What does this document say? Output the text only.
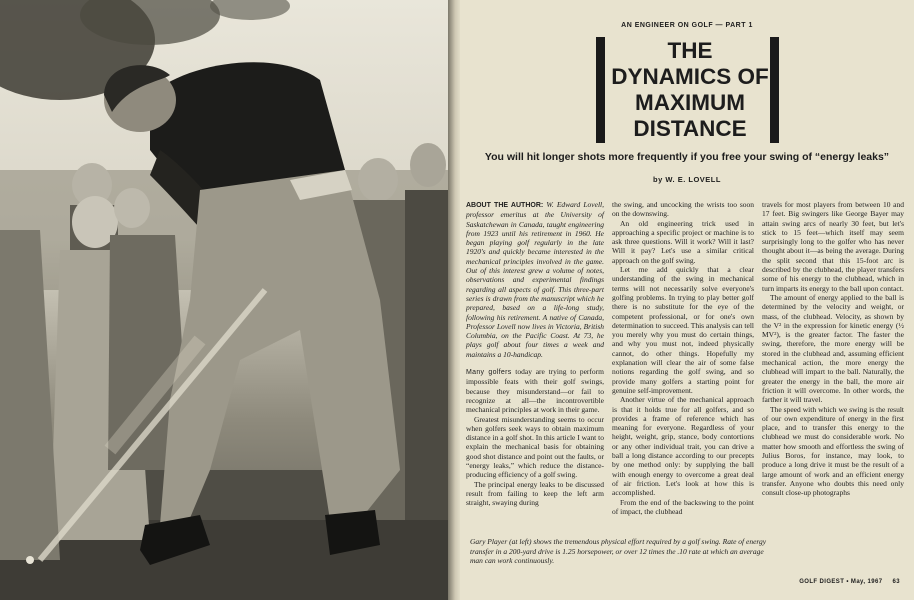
AN ENGINEER ON GOLF — PART 1
THE
DYNAMICS OF
MAXIMUM
DISTANCE
You will hit longer shots more frequently if you free your swing of “energy leaks”
by W. E. LOVELL

ABOUT THE AUTHOR: W. Edward Lovell, professor emeritus at the University of Saskatchewan in Canada, taught engineering from 1923 until his retirement in 1960. He began playing golf regularly in the late 1920's and quickly became interested in the mechanical principles involved in the game. Out of this interest grew a volume of notes, observations and experimental findings regarding all aspects of golf. This three-part series is drawn from the manuscript which he prepared, based on a life-long study, following his retirement. A native of Canada, Professor Lovell now lives in Victoria, British Columbia, on the Pacific Coast. At 73, he plays golf about four times a week and maintains a 10-handicap.

Many golfers today are trying to perform impossible feats with their golf swings, because they misunderstand—or fail to recognize at all—the incontrovertible mechanical principles at work in their game.

Greatest misunderstanding seems to occur when golfers seek ways to obtain maximum distance in a golf shot. In this article I want to explain the mechanical basis for obtaining good shot distance and point out the faults, or “energy leaks,” which reduce the distance-producing efficiency of a golf swing.

The principal energy leaks to be discussed result from failing to keep the left arm straight, swaying during

the swing, and uncocking the wrists too soon on the downswing.

An old engineering trick used in approaching a specific project or machine is to ask three questions. Will it work? Will it last? Will it pay? Let's use a similar critical approach on the golf swing.

Let me add quickly that a clear understanding of the swing in mechanical terms will not necessarily solve everyone's golfing problems. In trying to play better golf there is no substitute for the eye of the competent professional, or for one's own determination to succeed. This analysis can tell you merely why you must do certain things, and why you must not, indeed physically cannot, do other things. Hopefully my explanation will clear the air of some false notions regarding the golf swing, and so provide many golfers a starting point for genuine self-improvement.

Another virtue of the mechanical approach is that it holds true for all golfers, and so provides a frame of reference which has meaning for everyone. Regardless of your height, weight, grip, stance, body contortions or any other individual trait, you can drive a ball a long distance according to our precepts by one method only: by supplying the ball with enough energy to overcome a great deal of air friction. Let's look at how this is accomplished.

From the end of the backswing to the point of impact, the clubhead

travels for most players from between 10 and 17 feet. Big swingers like George Bayer may attain swing arcs of nearly 30 feet, but let's stick to 15 feet—which itself may seem surprisingly long to the golfer who has never thought about it—as being the average. During the split second that this 15-foot arc is described by the clubhead, the player transfers some of his energy to the clubhead, which in turn imparts its energy to the ball upon contact.

The amount of energy applied to the ball is determined by the velocity and weight, or mass, of the clubhead. Velocity, as shown by the V² in the expression for kinetic energy (½ MV²), is the greater factor. The faster the swing, therefore, the more energy will be stored in the clubhead and, assuming efficient mechanical action, the more energy the clubhead will impart to the ball. Naturally, the greater the energy in the ball, the more air friction it will overcome. In other words, the farther it will travel.

The speed with which we swing is the result of our own expenditure of energy in the first place, and to transfer this energy to the clubhead we must do considerable work. No matter how smooth and effortless the swing of Julius Boros, for instance, may look, to produce a long drive it must be the result of a large amount of work and an efficient energy transfer. Anyone who doubts this need only consult close-up photographs

Gary Player (at left) shows the tremendous physical effort required by a golf swing. Rate of energy transfer in a 200-yard drive is 1.25 horsepower, or over 12 times the .10 rate at which an average man can work continuously.
GOLF DIGEST • May, 1967 63
